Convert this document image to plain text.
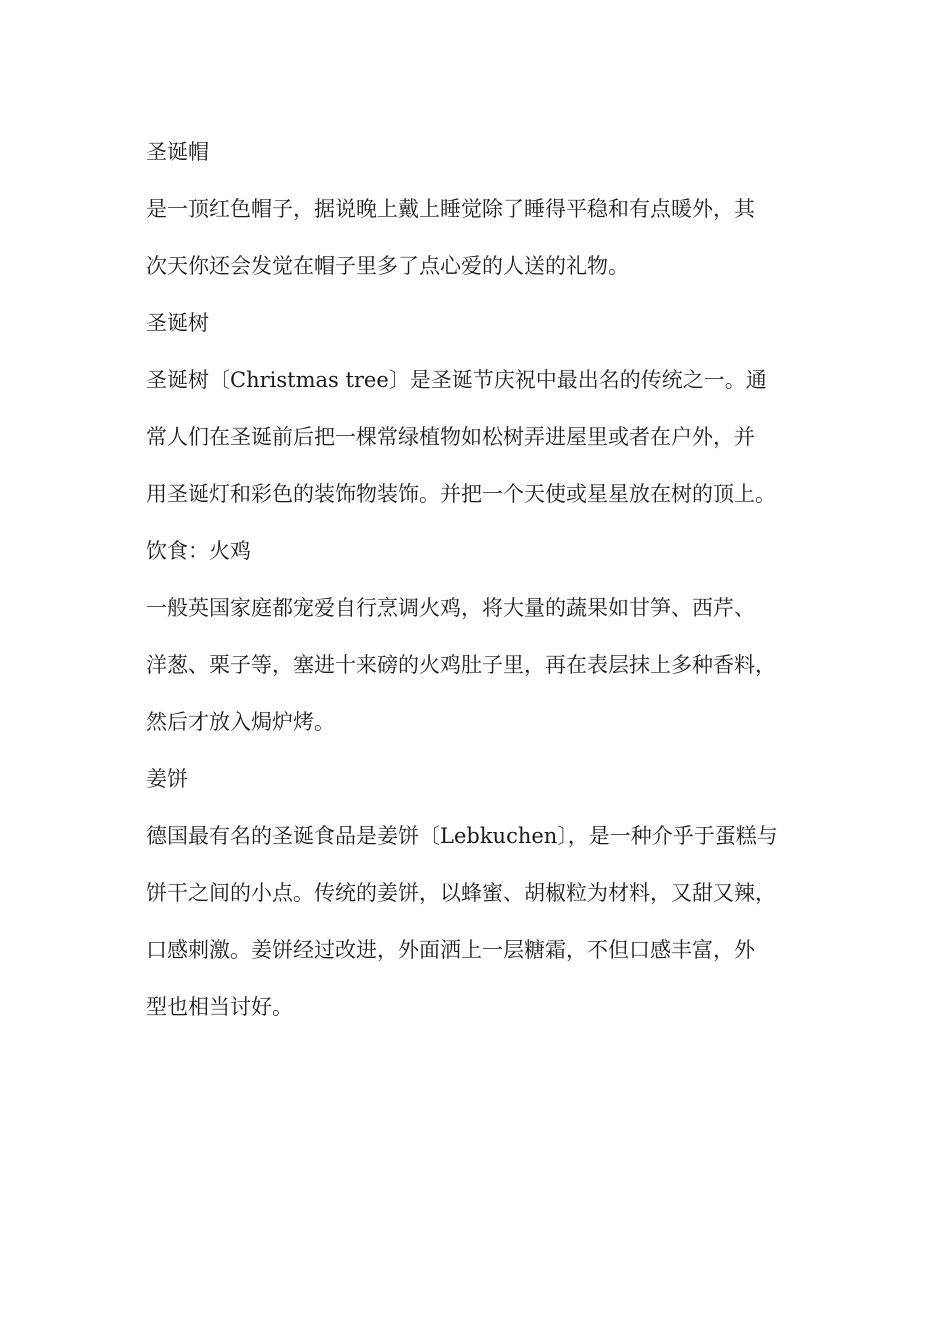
圣诞帽
是一顶红色帽子，据说晚上戴上睡觉除了睡得平稳和有点暖外，其
次天你还会发觉在帽子里多了点心爱的人送的礼物。
圣诞树
圣诞树〔Christmas tree〕是圣诞节庆祝中最出名的传统之一。通
常人们在圣诞前后把一棵常绿植物如松树弄进屋里或者在户外，并
用圣诞灯和彩色的装饰物装饰。并把一个天使或星星放在树的顶上。
饮食：火鸡
一般英国家庭都宠爱自行烹调火鸡，将大量的蔬果如甘笋、西芹、
洋葱、栗子等，塞进十来磅的火鸡肚子里，再在表层抹上多种香料，
然后才放入焗炉烤。
姜饼
德国最有名的圣诞食品是姜饼〔Lebkuchen〕，是一种介乎于蛋糕与
饼干之间的小点。传统的姜饼，以蜂蜜、胡椒粒为材料，又甜又辣，
口感刺激。姜饼经过改进，外面洒上一层糖霜，不但口感丰富，外
型也相当讨好。
